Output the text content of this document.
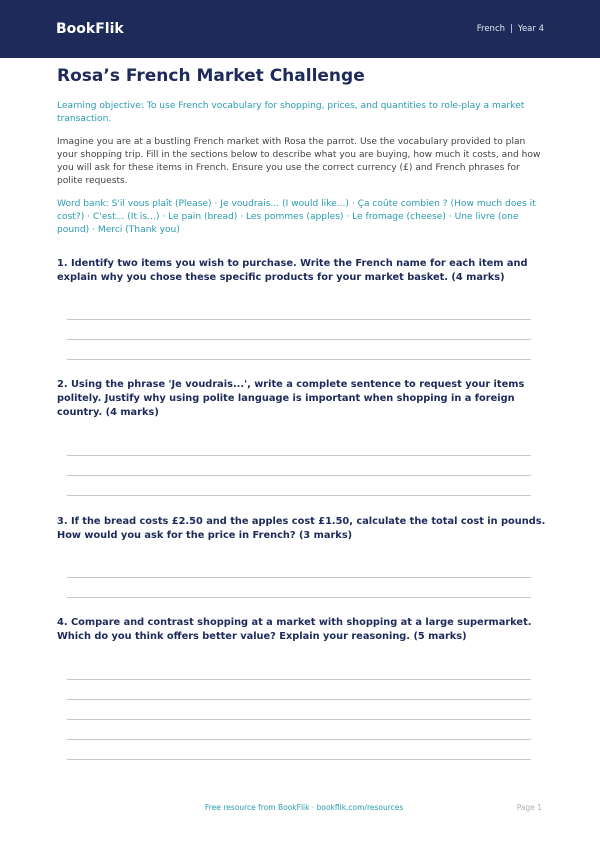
BookFlik	French | Year 4
Rosa’s French Market Challenge
Learning objective: To use French vocabulary for shopping, prices, and quantities to role-play a market transaction.
Imagine you are at a bustling French market with Rosa the parrot. Use the vocabulary provided to plan your shopping trip. Fill in the sections below to describe what you are buying, how much it costs, and how you will ask for these items in French. Ensure you use the correct currency (£) and French phrases for polite requests.
Word bank: S'il vous plaît (Please) · Je voudrais... (I would like...) · Ça coûte combien ? (How much does it cost?) · C'est... (It is...) · Le pain (bread) · Les pommes (apples) · Le fromage (cheese) · Une livre (one pound) · Merci (Thank you)
1. Identify two items you wish to purchase. Write the French name for each item and explain why you chose these specific products for your market basket. (4 marks)
2. Using the phrase 'Je voudrais...', write a complete sentence to request your items politely. Justify why using polite language is important when shopping in a foreign country. (4 marks)
3. If the bread costs £2.50 and the apples cost £1.50, calculate the total cost in pounds. How would you ask for the price in French? (3 marks)
4. Compare and contrast shopping at a market with shopping at a large supermarket. Which do you think offers better value? Explain your reasoning. (5 marks)
Free resource from BookFlik · bookflik.com/resources	Page 1
